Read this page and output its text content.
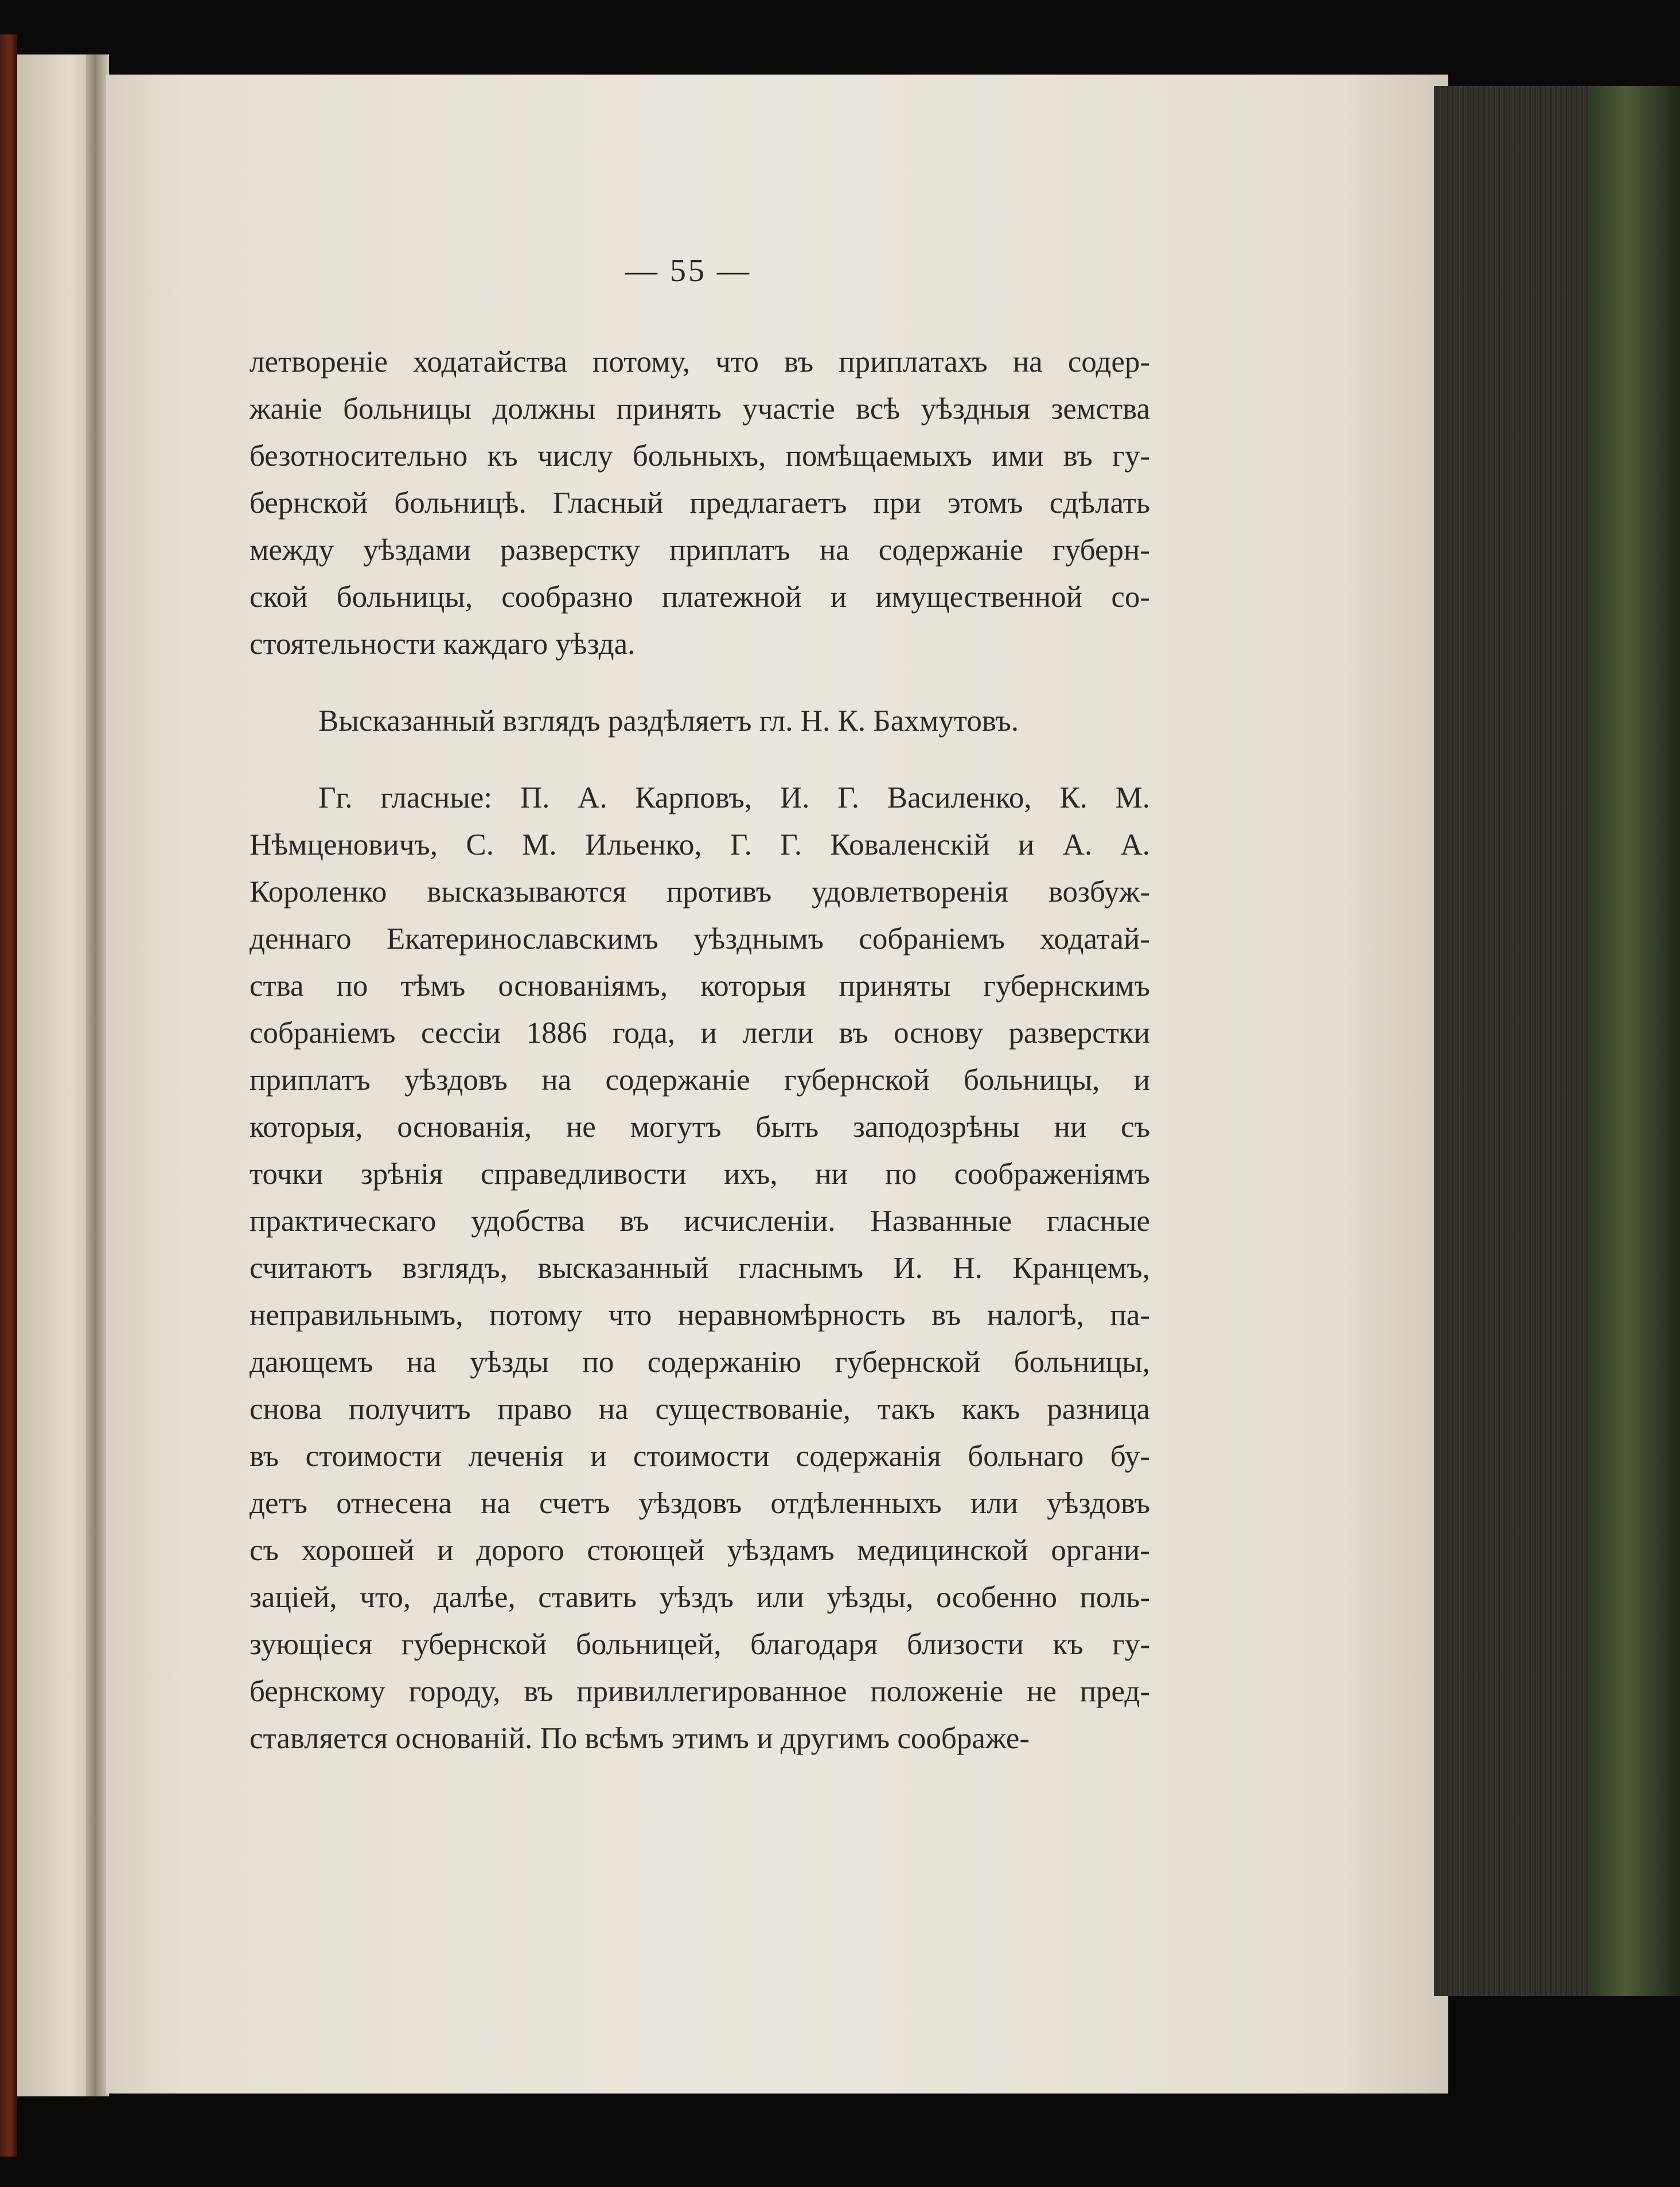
— 55 —
летвореніе ходатайства потому, что въ приплатахъ на содер-
жаніе больницы должны принять участіе всѣ уѣздныя земства
безотносительно къ числу больныхъ, помѣщаемыхъ ими въ гу-
бернской больницѣ. Гласный предлагаетъ при этомъ сдѣлать
между уѣздами разверстку приплатъ на содержаніе губерн-
ской больницы, сообразно платежной и имущественной со-
стоятельности каждаго уѣзда.
Высказанный взглядъ раздѣляетъ гл. Н. К. Бахмутовъ.
Гг. гласные: П. А. Карповъ, И. Г. Василенко, К. М.
Нѣмценовичъ, С. М. Ильенко, Г. Г. Коваленскій и А. А.
Короленко высказываются противъ удовлетворенія возбуж-
деннаго Екатеринославскимъ уѣзднымъ собраніемъ ходатай-
ства по тѣмъ основаніямъ, которыя приняты губернскимъ
собраніемъ сессіи 1886 года, и легли въ основу разверстки
приплатъ уѣздовъ на содержаніе губернской больницы, и
которыя, основанія, не могутъ быть заподозрѣны ни съ
точки зрѣнія справедливости ихъ, ни по соображеніямъ
практическаго удобства въ исчисленіи. Названные гласные
считаютъ взглядъ, высказанный гласнымъ И. Н. Кранцемъ,
неправильнымъ, потому что неравномѣрность въ налогѣ, па-
дающемъ на уѣзды по содержанію губернской больницы,
снова получитъ право на существованіе, такъ какъ разница
въ стоимости леченія и стоимости содержанія больнаго бу-
детъ отнесена на счетъ уѣздовъ отдѣленныхъ или уѣздовъ
съ хорошей и дорого стоющей уѣздамъ медицинской органи-
заціей, что, далѣе, ставить уѣздъ или уѣзды, особенно поль-
зующіеся губернской больницей, благодаря близости къ гу-
бернскому городу, въ привиллегированное положеніе не пред-
ставляется основаній. По всѣмъ этимъ и другимъ соображе-
